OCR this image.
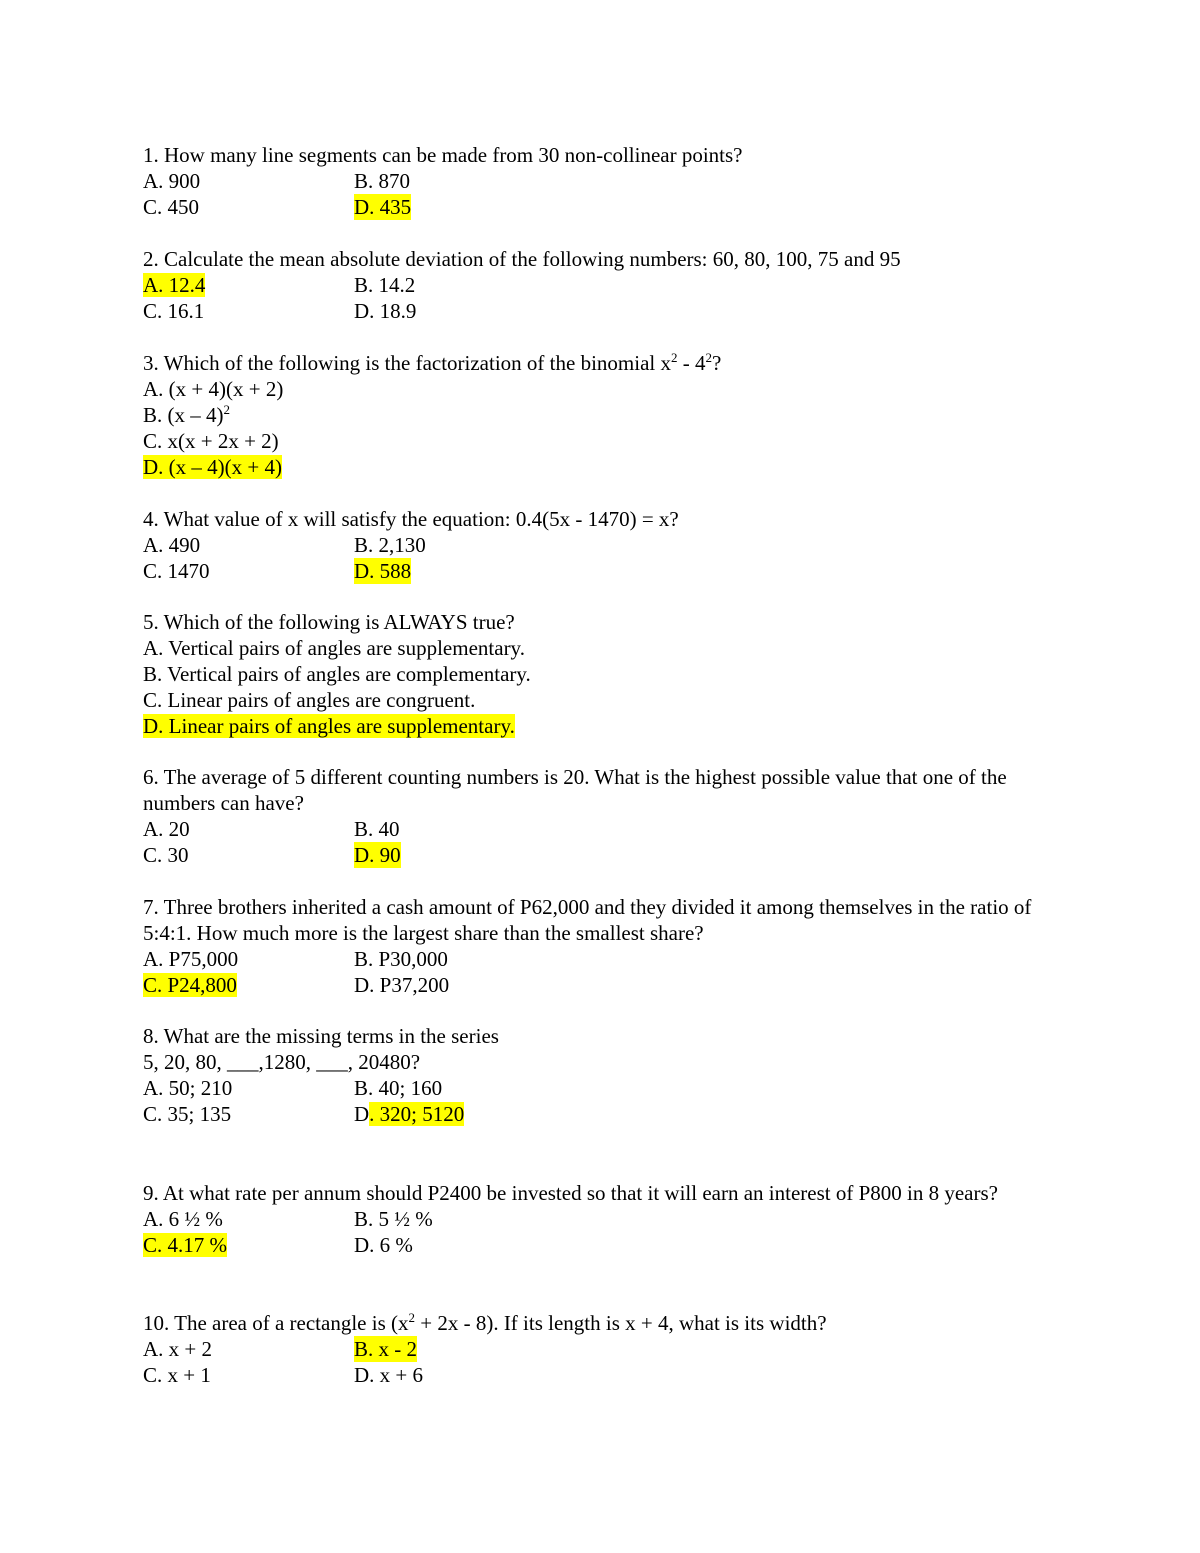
1. How many line segments can be made from 30 non-collinear points?
A. 900	B. 870
C. 450	D. 435
2. Calculate the mean absolute deviation of the following numbers: 60, 80, 100, 75 and 95
A. 12.4	B. 14.2
C. 16.1	D. 18.9
3. Which of the following is the factorization of the binomial $x^2 - 4^2$?
A. (x + 4)(x + 2)
B. (x – 4)$^2$
C. x(x + 2x + 2)
D. (x – 4)(x + 4)
4. What value of x will satisfy the equation: 0.4(5x - 1470) = x?
A. 490	B. 2,130
C. 1470	D. 588
5. Which of the following is ALWAYS true?
A. Vertical pairs of angles are supplementary.
B. Vertical pairs of angles are complementary.
C. Linear pairs of angles are congruent.
D. Linear pairs of angles are supplementary.
6. The average of 5 different counting numbers is 20. What is the highest possible value that one of the numbers can have?
A. 20	B. 40
C. 30	D. 90
7. Three brothers inherited a cash amount of P62,000 and they divided it among themselves in the ratio of 5:4:1. How much more is the largest share than the smallest share?
A. P75,000	B. P30,000
C. P24,800	D. P37,200
8. What are the missing terms in the series
5, 20, 80, ___,1280, ___, 20480?
A. 50; 210	B. 40; 160
C. 35; 135	D. 320; 5120
9. At what rate per annum should P2400 be invested so that it will earn an interest of P800 in 8 years?
A. 6 ½ %	B. 5 ½ %
C. 4.17 %	D. 6 %
10. The area of a rectangle is $(x^2 + 2x - 8)$. If its length is x + 4, what is its width?
A. x + 2	B. x - 2
C. x + 1	D. x + 6
